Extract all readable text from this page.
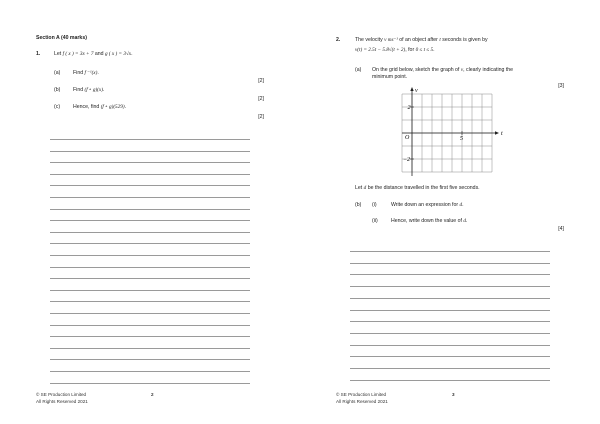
Section A (40 marks)
1.	Let f ( x ) = 3x + 7 and g ( x ) = 3√x.
(a) Find f ⁻¹(x).
[2]
(b) Find (f ∘ g)(x).
[2]
(c) Hence, find (f ∘ g)(529).
[2]
© SE Production Limited
All Rights Reserved 2021
2
2.	The velocity v ms⁻¹ of an object after t seconds is given by
v(t) = 2.5t − 5.8√(t + 2), for 0 ≤ t ≤ 5.
(a) On the grid below, sketch the graph of v, clearly indicating the
minimum point.
[3]
2
−2
O	5
t
v
Let d be the distance travelled in the first five seconds.
(b) (i)	Write down an expression for d.
(ii)	Hence, write down the value of d.
[4]
© SE Production Limited
All Rights Reserved 2021
3
